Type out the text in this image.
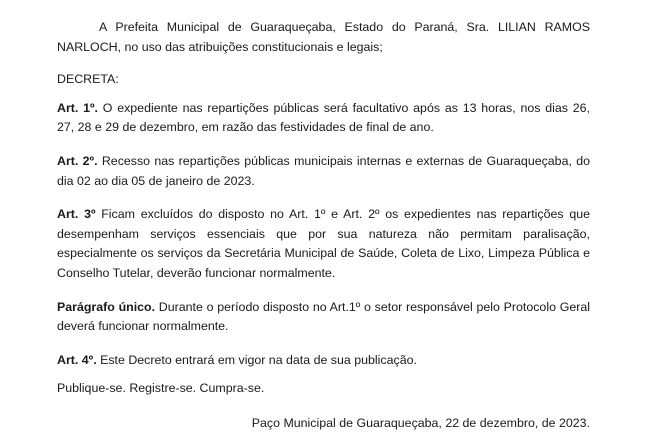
A Prefeita Municipal de Guaraqueçaba, Estado do Paraná, Sra. LILIAN RAMOS NARLOCH, no uso das atribuições constitucionais e legais;

DECRETA:

Art. 1º. O expediente nas repartições públicas será facultativo após as 13 horas, nos dias 26, 27, 28 e 29 de dezembro, em razão das festividades de final de ano.

Art. 2º. Recesso nas repartições públicas municipais internas e externas de Guaraqueçaba, do dia 02 ao dia 05 de janeiro de 2023.

Art. 3º Ficam excluídos do disposto no Art. 1º e Art. 2º os expedientes nas repartições que desempenham serviços essenciais que por sua natureza não permitam paralisação, especialmente os serviços da Secretária Municipal de Saúde, Coleta de Lixo, Limpeza Pública e Conselho Tutelar, deverão funcionar normalmente.

Parágrafo único. Durante o período disposto no Art.1º o setor responsável pelo Protocolo Geral deverá funcionar normalmente.

Art. 4º. Este Decreto entrará em vigor na data de sua publicação.

Publique-se. Registre-se. Cumpra-se.

Paço Municipal de Guaraqueçaba, 22 de dezembro, de 2023.
